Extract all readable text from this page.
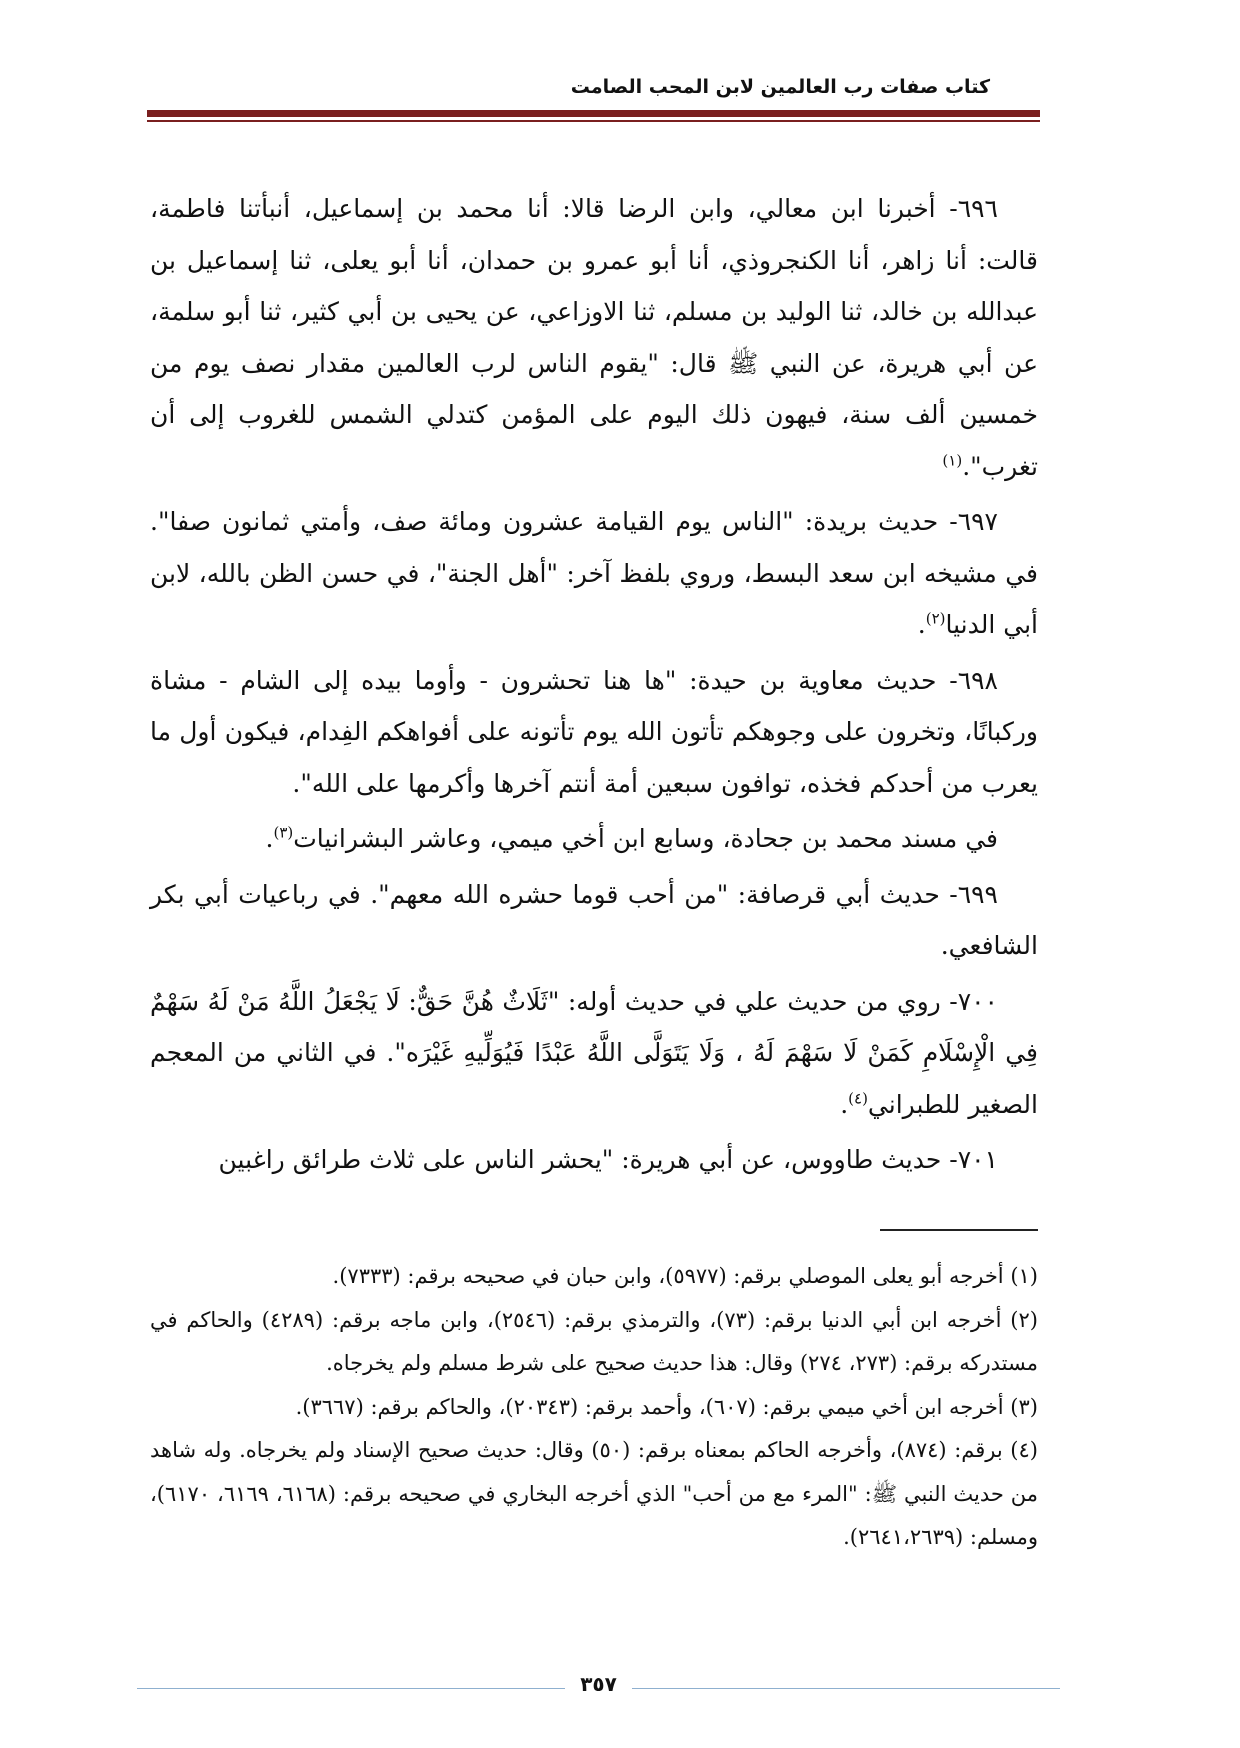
كتاب صفات رب العالمين لابن المحب الصامت

٦٩٦- أخبرنا ابن معالي، وابن الرضا قالا: أنا محمد بن إسماعيل، أنبأتنا فاطمة، قالت: أنا زاهر، أنا الكنجروذي، أنا أبو عمرو بن حمدان، أنا أبو يعلى، ثنا إسماعيل بن عبدالله بن خالد، ثنا الوليد بن مسلم، ثنا الاوزاعي، عن يحيى بن أبي كثير، ثنا أبو سلمة، عن أبي هريرة، عن النبي ﷺ قال: "يقوم الناس لرب العالمين مقدار نصف يوم من خمسين ألف سنة، فيهون ذلك اليوم على المؤمن كتدلي الشمس للغروب إلى أن تغرب".$^{(١)}$

٦٩٧- حديث بريدة: "الناس يوم القيامة عشرون ومائة صف، وأمتي ثمانون صفا". في مشيخه ابن سعد البسط، وروي بلفظ آخر: "أهل الجنة"، في حسن الظن بالله، لابن أبي الدنيا$^{(٢)}$.

٦٩٨- حديث معاوية بن حيدة: "ها هنا تحشرون - وأوما بيده إلى الشام - مشاة وركبانًا، وتخرون على وجوهكم تأتون الله يوم تأتونه على أفواهكم الفِدام، فيكون أول ما يعرب من أحدكم فخذه، توافون سبعين أمة أنتم آخرها وأكرمها على الله".

في مسند محمد بن جحادة، وسابع ابن أخي ميمي، وعاشر البشرانيات$^{(٣)}$.

٦٩٩- حديث أبي قرصافة: "من أحب قوما حشره الله معهم". في رباعيات أبي بكر الشافعي.

٧٠٠- روي من حديث علي في حديث أوله: "ثَلَاثٌ هُنَّ حَقٌّ: لَا يَجْعَلُ اللَّهُ مَنْ لَهُ سَهْمٌ فِي الْإِسْلَامِ كَمَنْ لَا سَهْمَ لَهُ ، وَلَا يَتَوَلَّى اللَّهُ عَبْدًا فَيُوَلِّيهِ غَيْرَه". في الثاني من المعجم الصغير للطبراني$^{(٤)}$.

٧٠١- حديث طاووس، عن أبي هريرة: "يحشر الناس على ثلاث طرائق راغبين

(١) أخرجه أبو يعلى الموصلي برقم: (٥٩٧٧)، وابن حبان في صحيحه برقم: (٧٣٣٣).

(٢) أخرجه ابن أبي الدنيا برقم: (٧٣)، والترمذي برقم: (٢٥٤٦)، وابن ماجه برقم: (٤٢٨٩) والحاكم في مستدركه برقم: (٢٧٣، ٢٧٤) وقال: هذا حديث صحيح على شرط مسلم ولم يخرجاه.

(٣) أخرجه ابن أخي ميمي برقم: (٦٠٧)، وأحمد برقم: (٢٠٣٤٣)، والحاكم برقم: (٣٦٦٧).

(٤) برقم: (٨٧٤)، وأخرجه الحاكم بمعناه برقم: (٥٠) وقال: حديث صحيح الإسناد ولم يخرجاه. وله شاهد من حديث النبي ﷺ: "المرء مع من أحب" الذي أخرجه البخاري في صحيحه برقم: (٦١٦٨، ٦١٦٩، ٦١٧٠)، ومسلم: (٢٦٤١،٢٦٣٩).

٣٥٧
